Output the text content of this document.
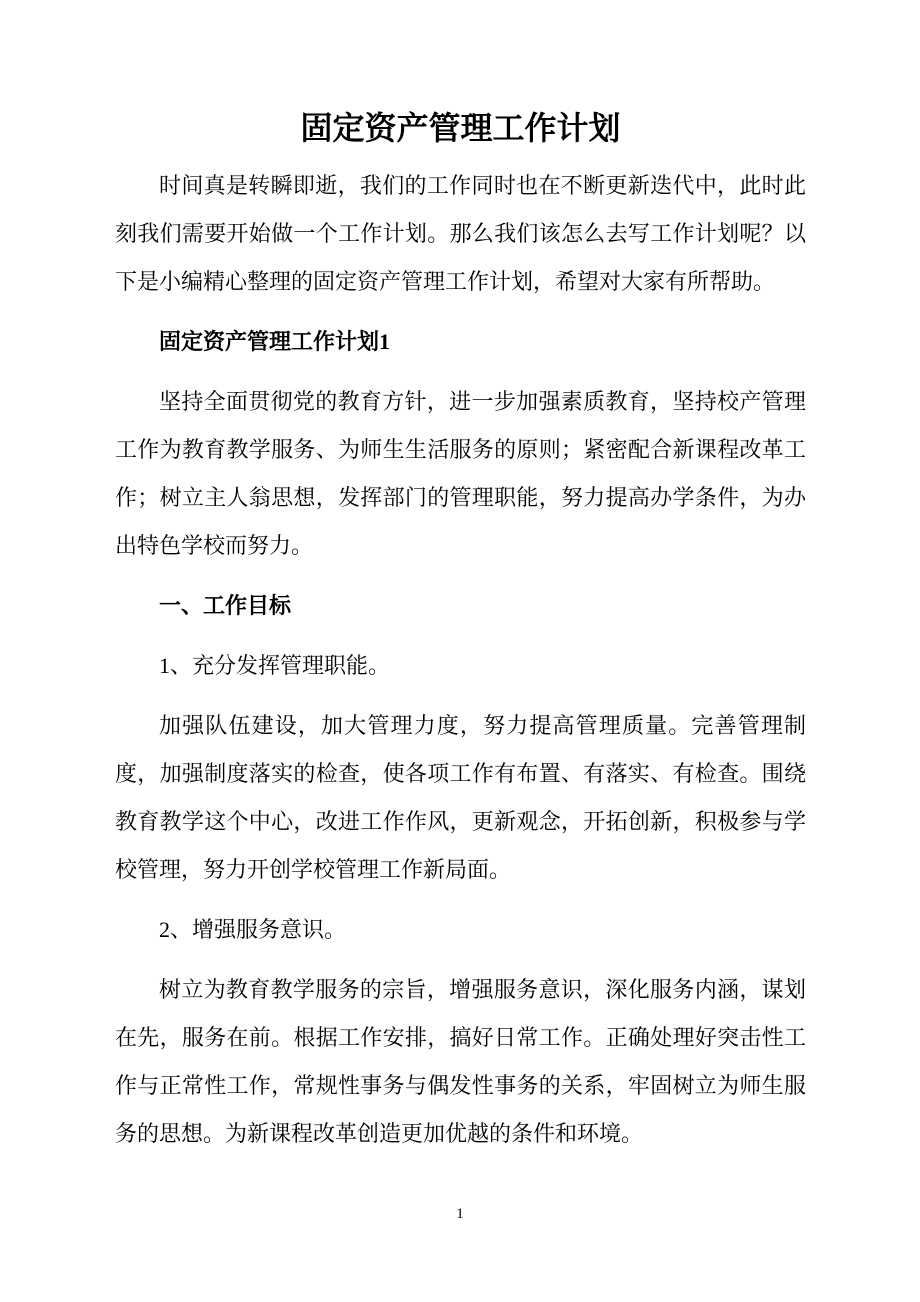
固定资产管理工作计划

时间真是转瞬即逝，我们的工作同时也在不断更新迭代中，此时此刻我们需要开始做一个工作计划。那么我们该怎么去写工作计划呢？以下是小编精心整理的固定资产管理工作计划，希望对大家有所帮助。

固定资产管理工作计划1

坚持全面贯彻党的教育方针，进一步加强素质教育，坚持校产管理工作为教育教学服务、为师生生活服务的原则；紧密配合新课程改革工作；树立主人翁思想，发挥部门的管理职能，努力提高办学条件，为办出特色学校而努力。

一、工作目标

1、充分发挥管理职能。

加强队伍建设，加大管理力度，努力提高管理质量。完善管理制度，加强制度落实的检查，使各项工作有布置、有落实、有检查。围绕教育教学这个中心，改进工作作风，更新观念，开拓创新，积极参与学校管理，努力开创学校管理工作新局面。

2、增强服务意识。

树立为教育教学服务的宗旨，增强服务意识，深化服务内涵，谋划在先，服务在前。根据工作安排，搞好日常工作。正确处理好突击性工作与正常性工作，常规性事务与偶发性事务的关系，牢固树立为师生服务的思想。为新课程改革创造更加优越的条件和环境。

1
